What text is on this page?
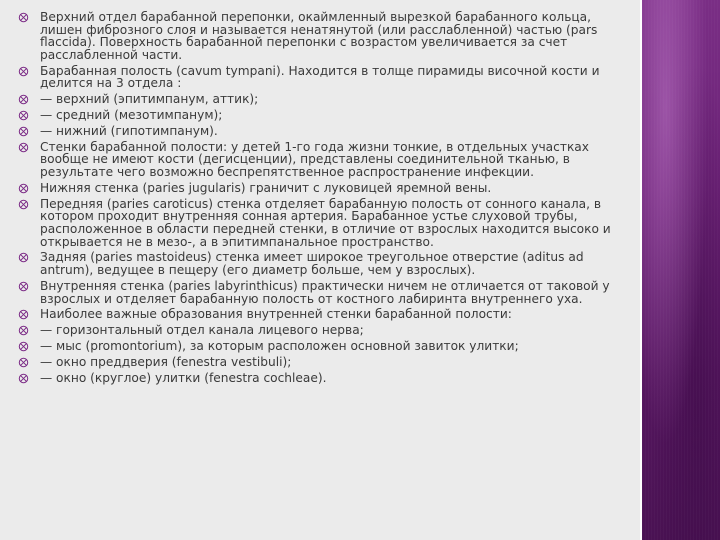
Верхний отдел барабанной перепонки, окаймленный вырезкой барабанного кольца, лишен фиброзного слоя и называется ненатянутой (или расслабленной) частью (pars flaccida). Поверхность барабанной перепонки с возрастом увеличивается за счет расслабленной части.
Барабанная полость (cavum tympani). Находится в толще пирамиды височной кости и делится на 3 отдела :
— верхний (эпитимпанум, аттик);
— средний (мезотимпанум);
— нижний (гипотимпанум).
Стенки барабанной полости: у детей 1-го года жизни тонкие, в отдельных участках вообще не имеют кости (дегисценции), представлены соединительной тканью, в результате чего возможно беспрепятственное распространение инфекции.
Нижняя стенка (paries jugularis) граничит с луковицей яремной вены.
Передняя (paries caroticus) стенка отделяет барабанную полость от сонного канала, в котором проходит внутренняя сонная артерия. Барабанное устье слуховой трубы, расположенное в области передней стенки, в отличие от взрослых находится высоко и открывается не в мезо-, а в эпитимпанальное пространство.
Задняя (paries mastoideus) стенка имеет широкое треугольное отверстие (aditus ad antrum), ведущее в пещеру (его диаметр больше, чем у взрослых).
Внутренняя стенка (paries labyrinthicus) практически ничем не отличается от таковой у взрослых и отделяет барабанную полость от костного лабиринта внутреннего уха.
Наиболее важные образования внутренней стенки барабанной полости:
— горизонтальный отдел канала лицевого нерва;
— мыс (promontorium), за которым расположен основной завиток улитки;
— окно преддверия (fenestra vestibuli);
— окно (круглое) улитки (fenestra cochleae).
